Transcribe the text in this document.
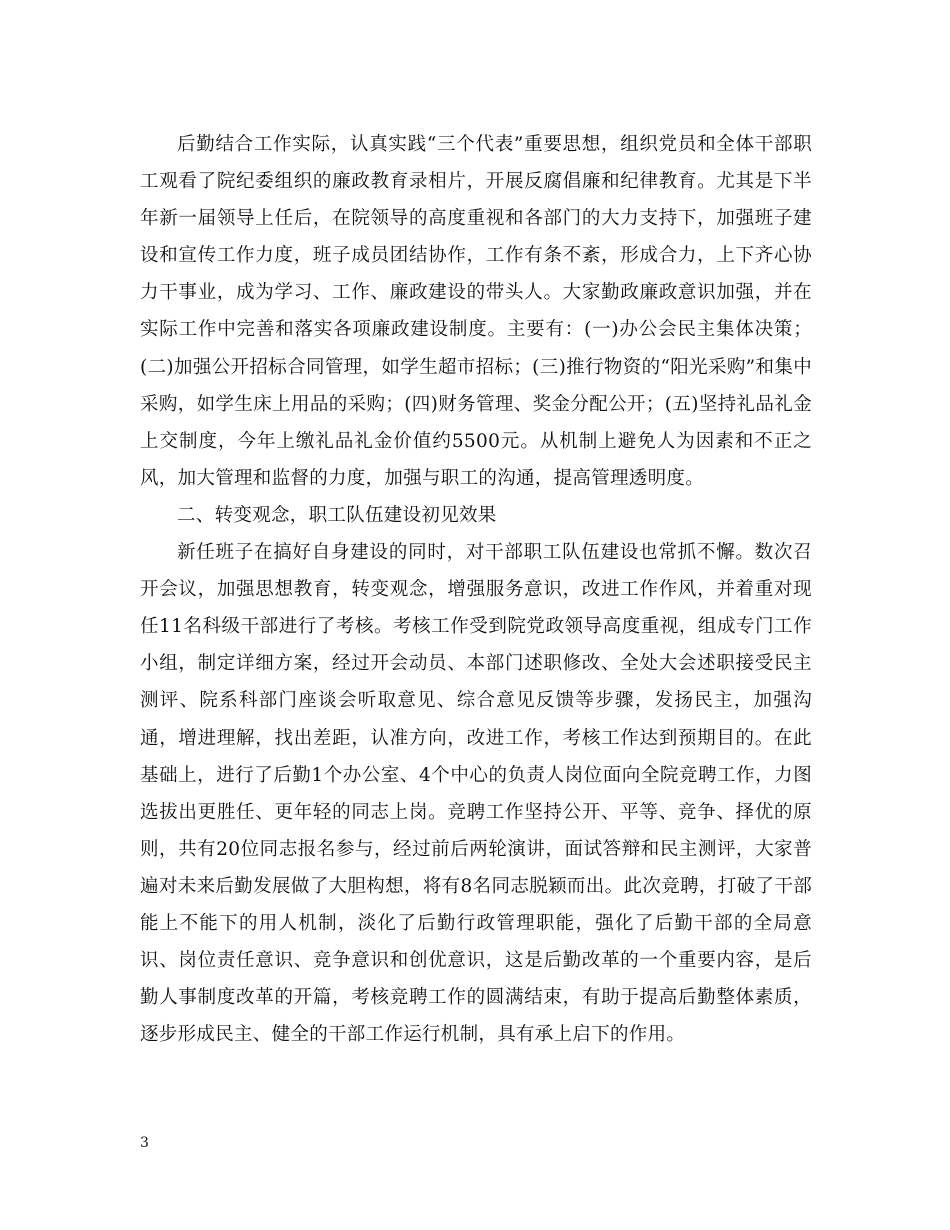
后勤结合工作实际，认真实践“三个代表”重要思想，组织党员和全体干部职工观看了院纪委组织的廉政教育录相片，开展反腐倡廉和纪律教育。尤其是下半年新一届领导上任后，在院领导的高度重视和各部门的大力支持下，加强班子建设和宣传工作力度，班子成员团结协作，工作有条不紊，形成合力，上下齐心协力干事业，成为学习、工作、廉政建设的带头人。大家勤政廉政意识加强，并在实际工作中完善和落实各项廉政建设制度。主要有：(一)办公会民主集体决策；(二)加强公开招标合同管理，如学生超市招标；(三)推行物资的“阳光采购”和集中采购，如学生床上用品的采购；(四)财务管理、奖金分配公开；(五)坚持礼品礼金上交制度，今年上缴礼品礼金价值约5500元。从机制上避免人为因素和不正之风，加大管理和监督的力度，加强与职工的沟通，提高管理透明度。

二、转变观念，职工队伍建设初见效果

新任班子在搞好自身建设的同时，对干部职工队伍建设也常抓不懈。数次召开会议，加强思想教育，转变观念，增强服务意识，改进工作作风，并着重对现任11名科级干部进行了考核。考核工作受到院党政领导高度重视，组成专门工作小组，制定详细方案，经过开会动员、本部门述职修改、全处大会述职接受民主测评、院系科部门座谈会听取意见、综合意见反馈等步骤，发扬民主，加强沟通，增进理解，找出差距，认准方向，改进工作，考核工作达到预期目的。在此基础上，进行了后勤1个办公室、4个中心的负责人岗位面向全院竞聘工作，力图选拔出更胜任、更年轻的同志上岗。竞聘工作坚持公开、平等、竞争、择优的原则，共有20位同志报名参与，经过前后两轮演讲，面试答辩和民主测评，大家普遍对未来后勤发展做了大胆构想，将有8名同志脱颖而出。此次竞聘，打破了干部能上不能下的用人机制，淡化了后勤行政管理职能，强化了后勤干部的全局意识、岗位责任意识、竞争意识和创优意识，这是后勤改革的一个重要内容，是后勤人事制度改革的开篇，考核竞聘工作的圆满结束，有助于提高后勤整体素质，逐步形成民主、健全的干部工作运行机制，具有承上启下的作用。

3
